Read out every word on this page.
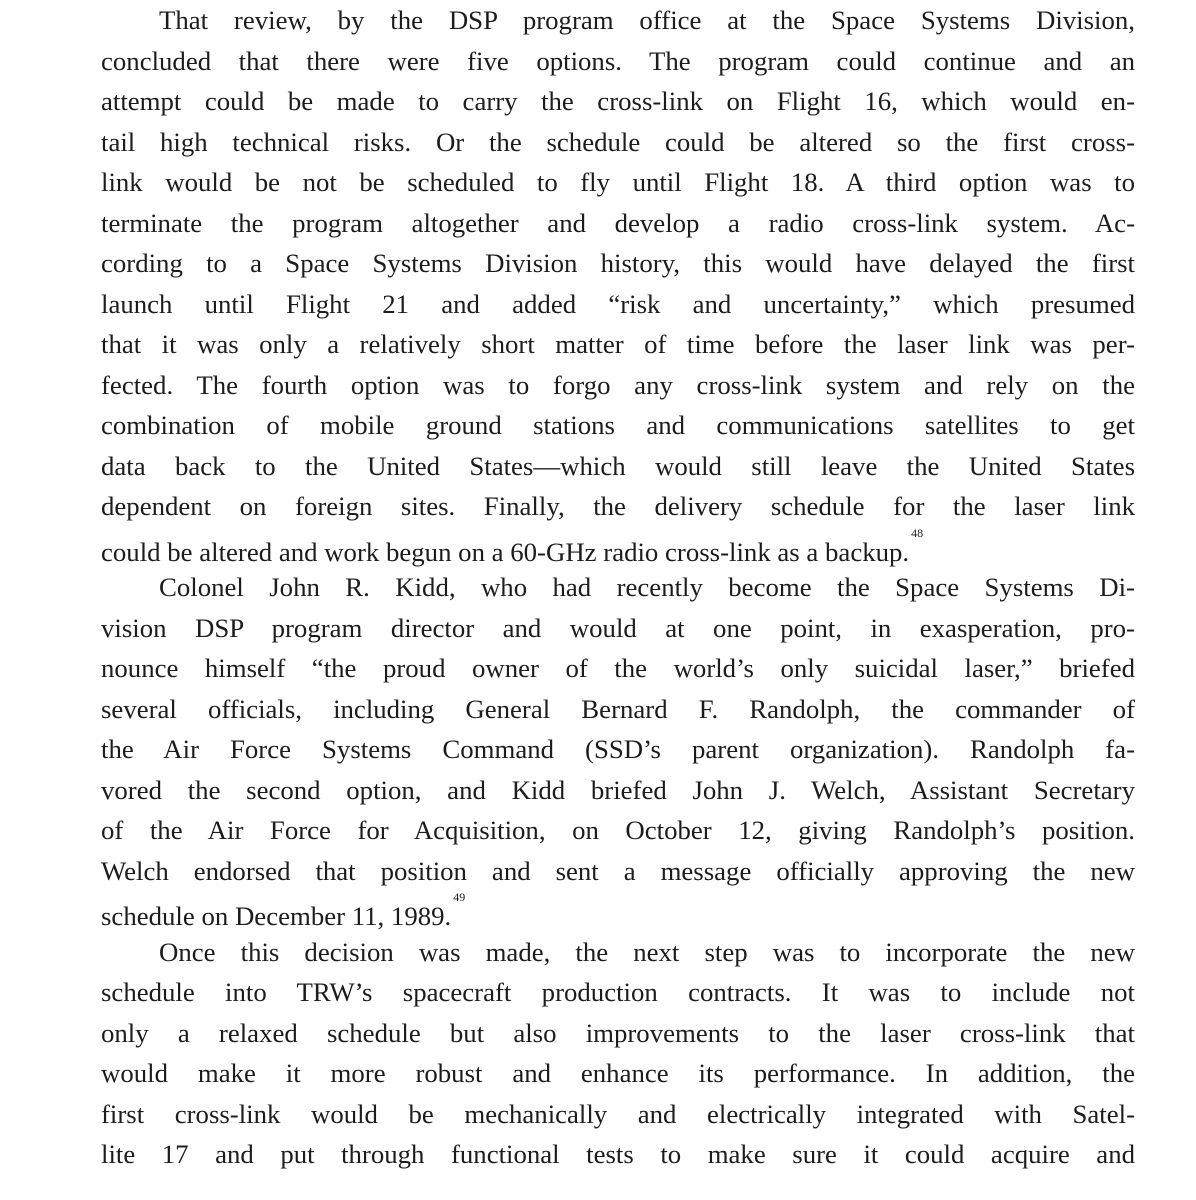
That review, by the DSP program office at the Space Systems Division,
concluded that there were five options. The program could continue and an
attempt could be made to carry the cross-link on Flight 16, which would en-
tail high technical risks. Or the schedule could be altered so the first cross-
link would be not be scheduled to fly until Flight 18. A third option was to
terminate the program altogether and develop a radio cross-link system. Ac-
cording to a Space Systems Division history, this would have delayed the first
launch until Flight 21 and added “risk and uncertainty,” which presumed
that it was only a relatively short matter of time before the laser link was per-
fected. The fourth option was to forgo any cross-link system and rely on the
combination of mobile ground stations and communications satellites to get
data back to the United States—which would still leave the United States
dependent on foreign sites. Finally, the delivery schedule for the laser link
could be altered and work begun on a 60-GHz radio cross-link as a backup.$^{48}$
Colonel John R. Kidd, who had recently become the Space Systems Di-
vision DSP program director and would at one point, in exasperation, pro-
nounce himself “the proud owner of the world’s only suicidal laser,” briefed
several officials, including General Bernard F. Randolph, the commander of
the Air Force Systems Command (SSD’s parent organization). Randolph fa-
vored the second option, and Kidd briefed John J. Welch, Assistant Secretary
of the Air Force for Acquisition, on October 12, giving Randolph’s position.
Welch endorsed that position and sent a message officially approving the new
schedule on December 11, 1989.49
Once this decision was made, the next step was to incorporate the new
schedule into TRW’s spacecraft production contracts. It was to include not
only a relaxed schedule but also improvements to the laser cross-link that
would make it more robust and enhance its performance. In addition, the
first cross-link would be mechanically and electrically integrated with Satel-
lite 17 and put through functional tests to make sure it could acquire and
